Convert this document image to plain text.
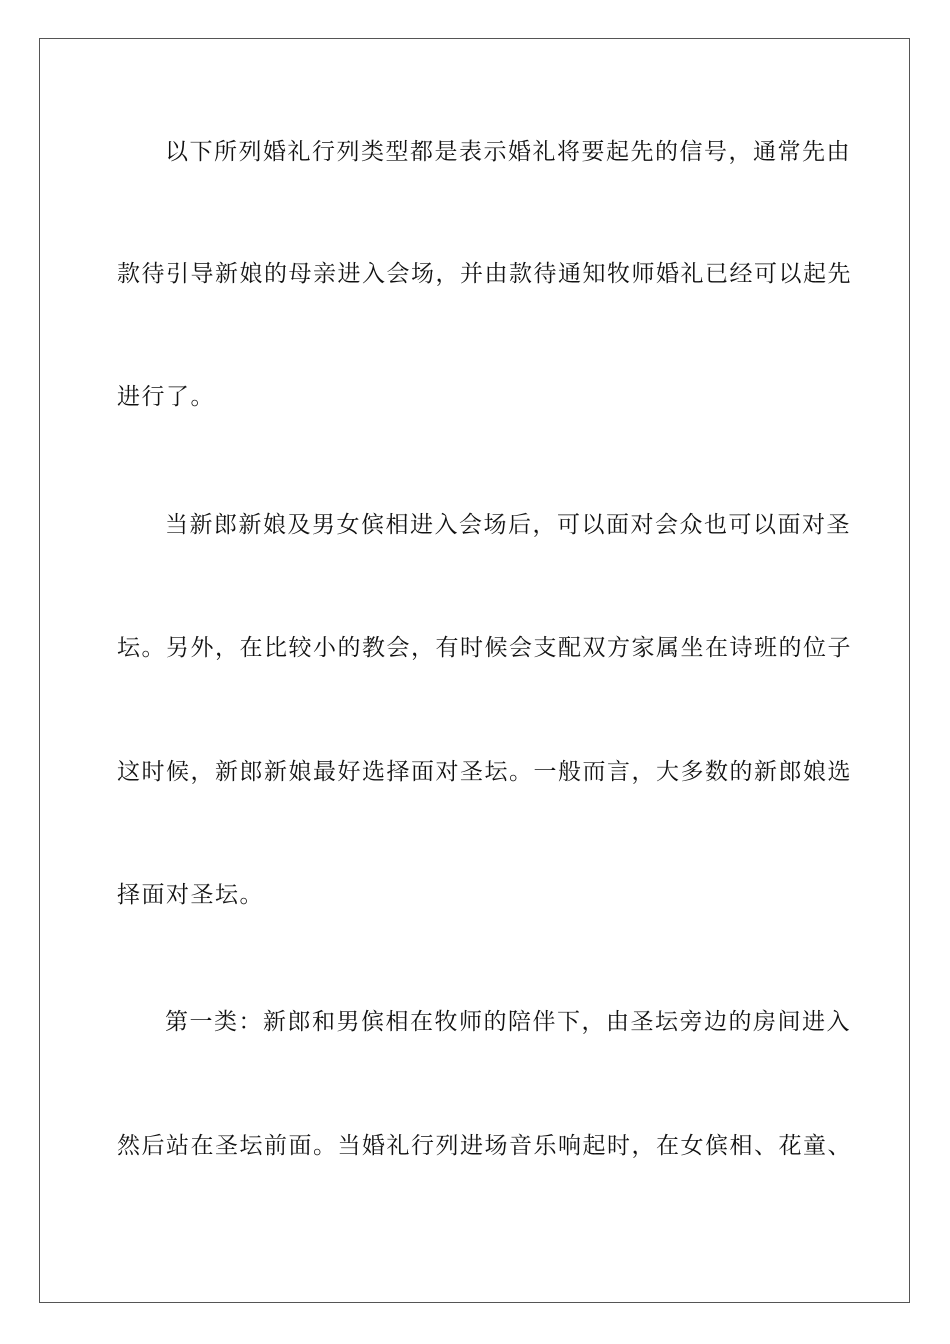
以下所列婚礼行列类型都是表示婚礼将要起先的信号，通常先由
款待引导新娘的母亲进入会场，并由款待通知牧师婚礼已经可以起先
进行了。
当新郎新娘及男女傧相进入会场后，可以面对会众也可以面对圣
坛。另外，在比较小的教会，有时候会支配双方家属坐在诗班的位子
这时候，新郎新娘最好选择面对圣坛。一般而言，大多数的新郎娘选
择面对圣坛。
第一类：新郎和男傧相在牧师的陪伴下，由圣坛旁边的房间进入
然后站在圣坛前面。当婚礼行列进场音乐响起时，在女傧相、花童、
